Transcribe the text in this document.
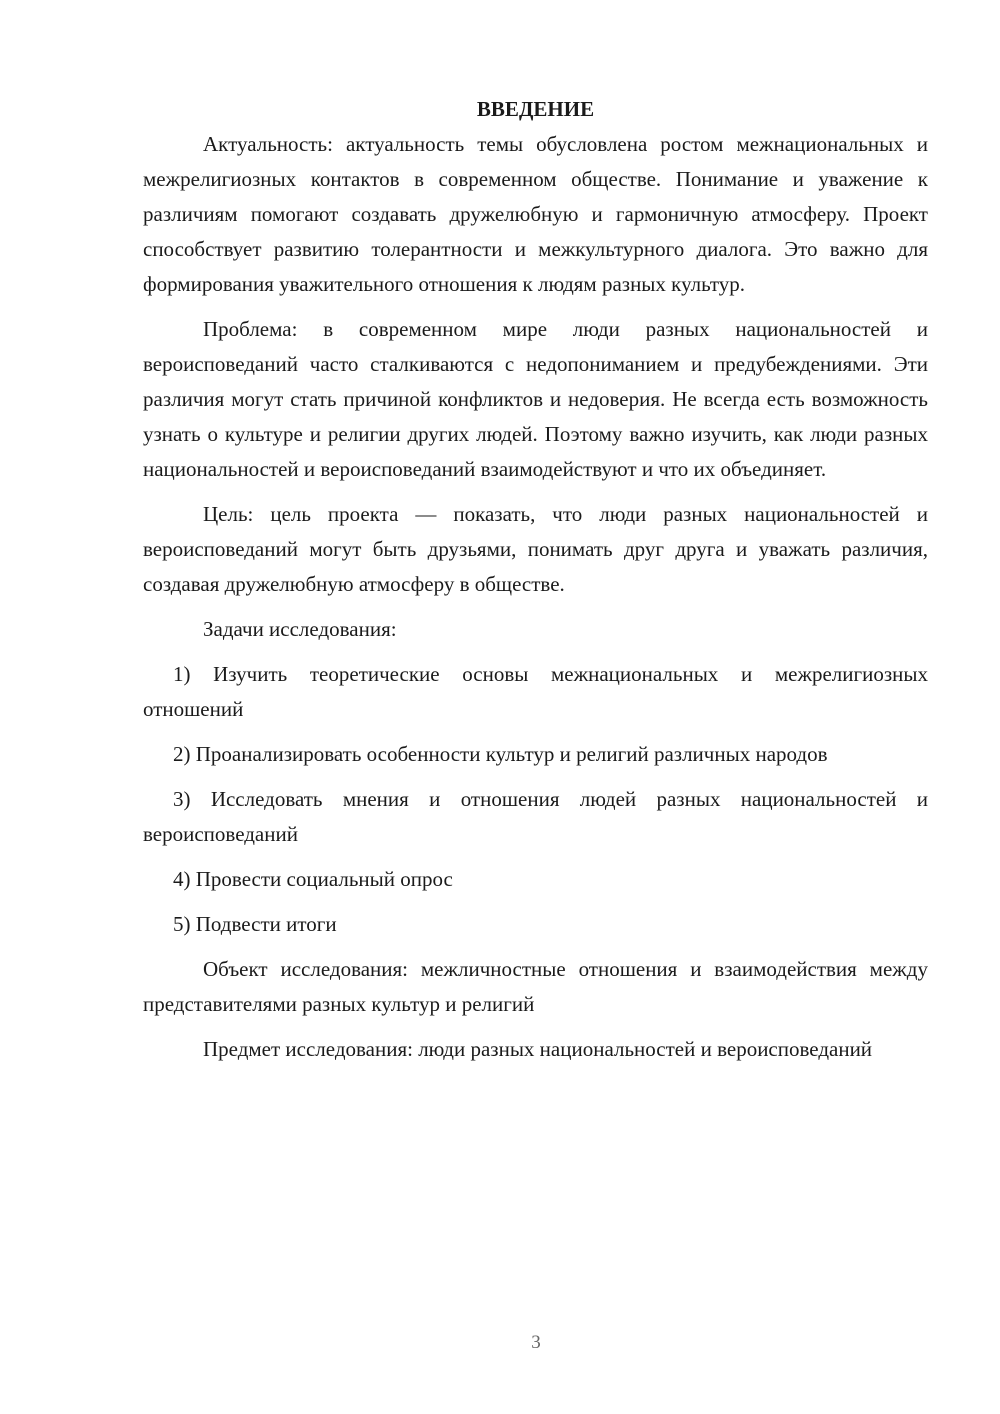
ВВЕДЕНИЕ

Актуальность: актуальность темы обусловлена ростом межнациональных и межрелигиозных контактов в современном обществе. Понимание и уважение к различиям помогают создавать дружелюбную и гармоничную атмосферу. Проект способствует развитию толерантности и межкультурного диалога. Это важно для формирования уважительного отношения к людям разных культур.

Проблема: в современном мире люди разных национальностей и вероисповеданий часто сталкиваются с недопониманием и предубеждениями. Эти различия могут стать причиной конфликтов и недоверия. Не всегда есть возможность узнать о культуре и религии других людей. Поэтому важно изучить, как люди разных национальностей и вероисповеданий взаимодействуют и что их объединяет.

Цель: цель проекта — показать, что люди разных национальностей и вероисповеданий могут быть друзьями, понимать друг друга и уважать различия, создавая дружелюбную атмосферу в обществе.

Задачи исследования:

1) Изучить теоретические основы межнациональных и межрелигиозных отношений

2) Проанализировать особенности культур и религий различных народов

3) Исследовать мнения и отношения людей разных национальностей и вероисповеданий

4) Провести социальный опрос

5) Подвести итоги

Объект исследования: межличностные отношения и взаимодействия между представителями разных культур и религий

Предмет исследования: люди разных национальностей и вероисповеданий

3
